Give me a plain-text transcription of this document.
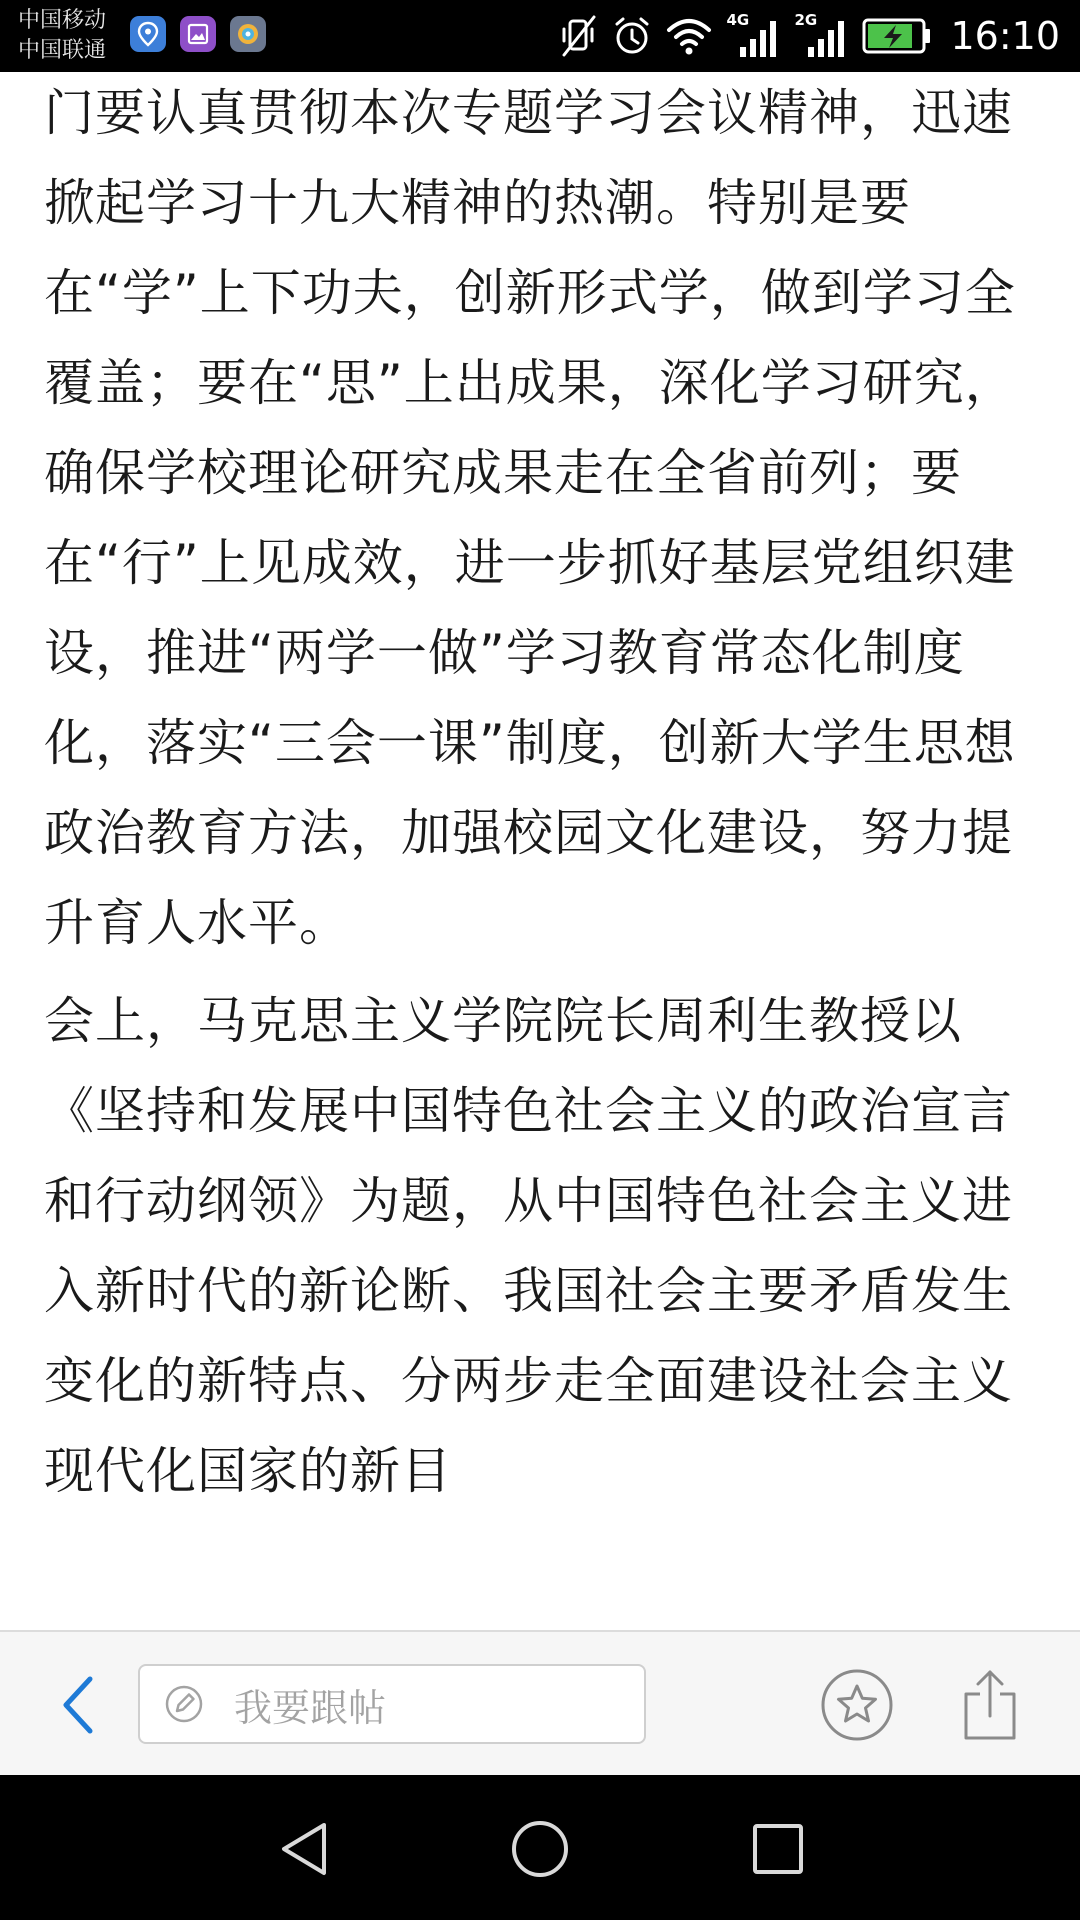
中国移动
中国联通
4G	2G	16:10

门要认真贯彻本次专题学习会议精神，迅速掀起学习十九大精神的热潮。特别是要在“学”上下功夫，创新形式学，做到学习全覆盖；要在“思”上出成果，深化学习研究，确保学校理论研究成果走在全省前列；要在“行”上见成效，进一步抓好基层党组织建设，推进“两学一做”学习教育常态化制度化，落实“三会一课”制度，创新大学生思想政治教育方法，加强校园文化建设，努力提升育人水平。

会上，马克思主义学院院长周利生教授以《坚持和发展中国特色社会主义的政治宣言和行动纲领》为题，从中国特色社会主义进入新时代的新论断、我国社会主要矛盾发生变化的新特点、分两步走全面建设社会主义现代化国家的新目

我要跟帖
